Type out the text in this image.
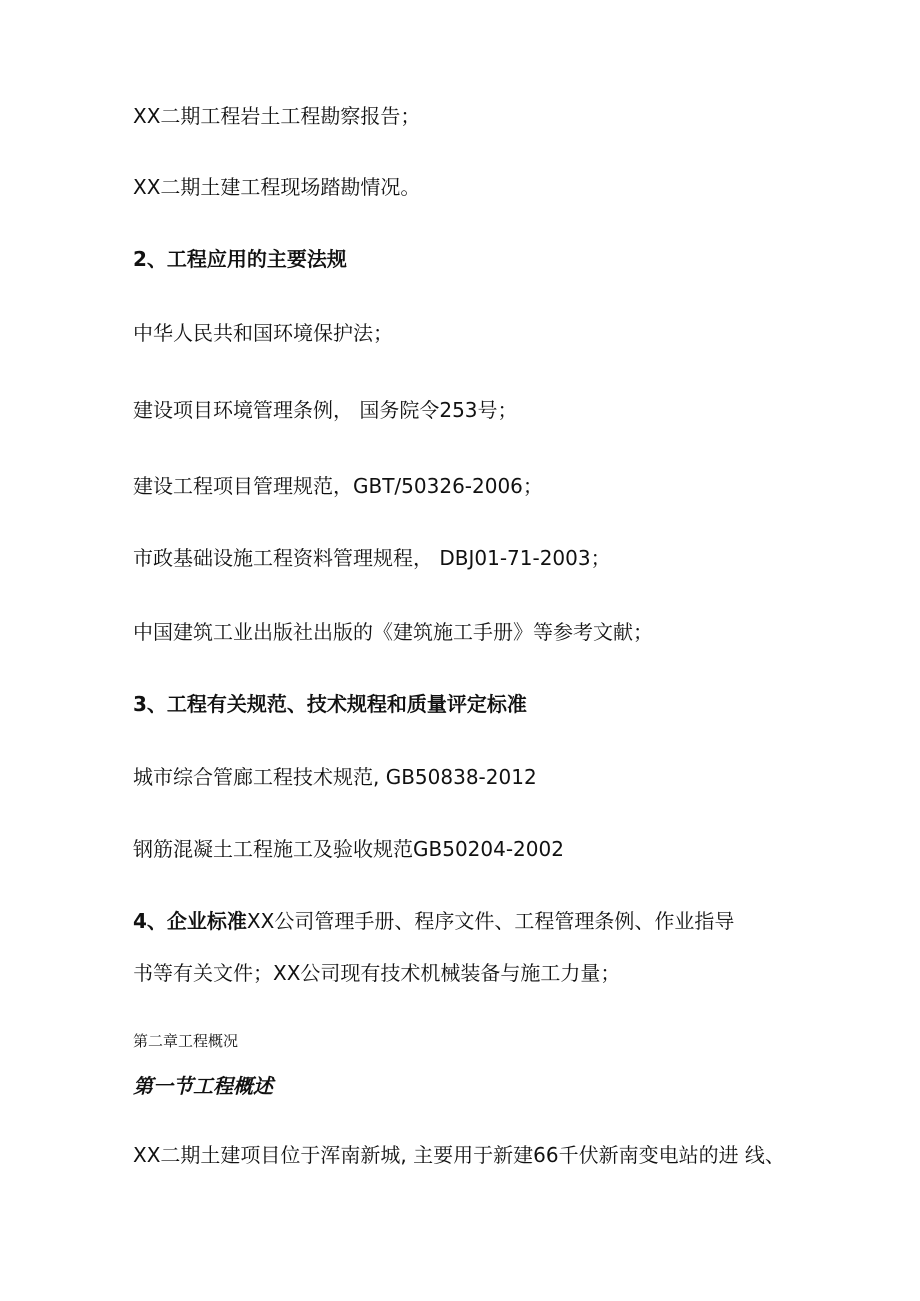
XX二期工程岩土工程勘察报告；
XX二期土建工程现场踏勘情况。
2、工程应用的主要法规
中华人民共和国环境保护法；
建设项目环境管理条例， 国务院令253号；
建设工程项目管理规范，GBT/50326-2006；
市政基础设施工程资料管理规程， DBJ01-71-2003；
中国建筑工业出版社出版的《建筑施工手册》等参考文献；
3、工程有关规范、技术规程和质量评定标准
城市综合管廊工程技术规范, GB50838-2012
钢筋混凝土工程施工及验收规范GB50204-2002
4、企业标准XX公司管理手册、程序文件、工程管理条例、作业指导
书等有关文件；XX公司现有技术机械装备与施工力量；
第二章工程概况
第一节工程概述
XX二期土建项目位于浑南新城, 主要用于新建66千伏新南变电站的进 线、
